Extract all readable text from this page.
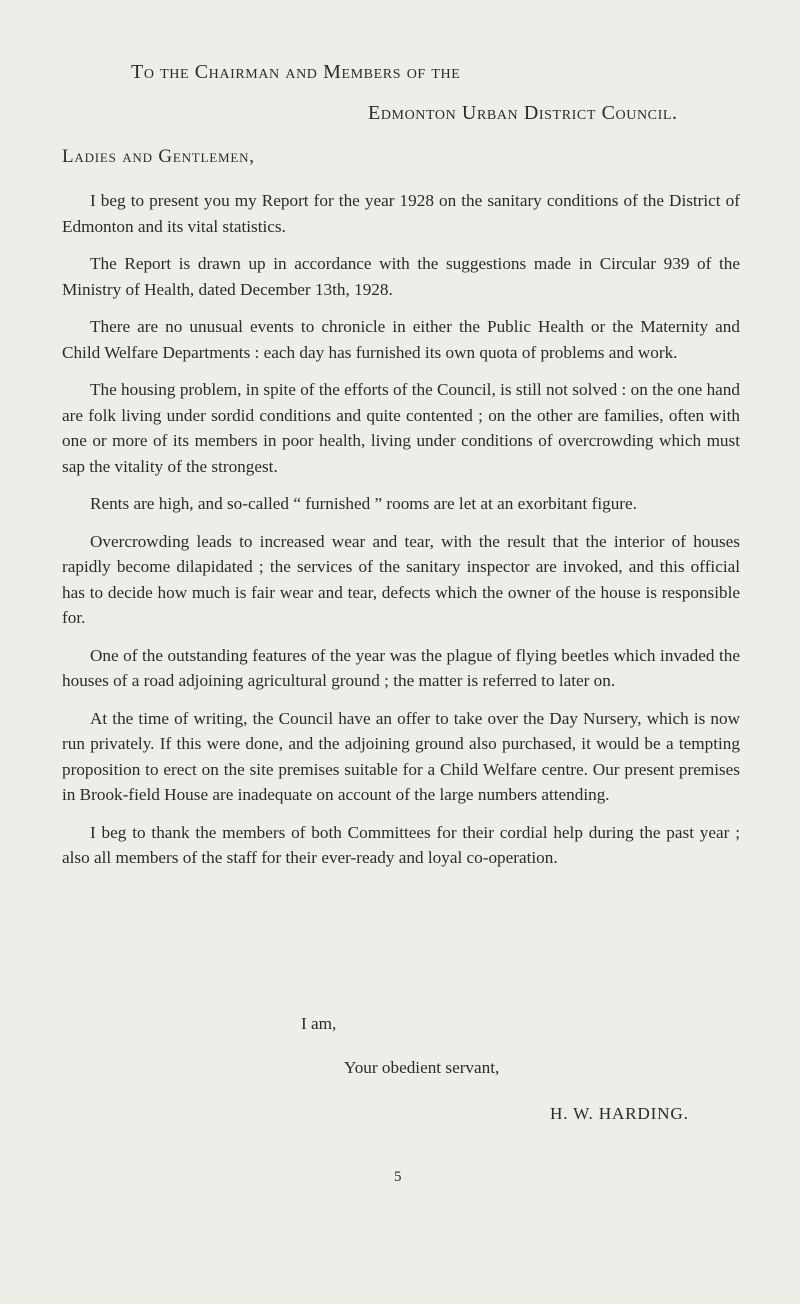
To the Chairman and Members of the
Edmonton Urban District Council.
Ladies and Gentlemen,

I beg to present you my Report for the year 1928 on the sanitary conditions of the District of Edmonton and its vital statistics.

The Report is drawn up in accordance with the suggestions made in Circular 939 of the Ministry of Health, dated December 13th, 1928.

There are no unusual events to chronicle in either the Public Health or the Maternity and Child Welfare Departments : each day has furnished its own quota of problems and work.

The housing problem, in spite of the efforts of the Council, is still not solved : on the one hand are folk living under sordid conditions and quite contented ; on the other are families, often with one or more of its members in poor health, living under conditions of overcrowding which must sap the vitality of the strongest.

Rents are high, and so-called “ furnished ” rooms are let at an exorbitant figure.

Overcrowding leads to increased wear and tear, with the result that the interior of houses rapidly become dilapidated ; the services of the sanitary inspector are invoked, and this official has to decide how much is fair wear and tear, defects which the owner of the house is responsible for.

One of the outstanding features of the year was the plague of flying beetles which invaded the houses of a road adjoining agricultural ground ; the matter is referred to later on.

At the time of writing, the Council have an offer to take over the Day Nursery, which is now run privately. If this were done, and the adjoining ground also purchased, it would be a tempting proposition to erect on the site premises suitable for a Child Welfare centre. Our present premises in Brook-field House are inadequate on account of the large numbers attending.

I beg to thank the members of both Committees for their cordial help during the past year ; also all members of the staff for their ever-ready and loyal co-operation.

I am,
Your obedient servant,
H. W. HARDING.
5
